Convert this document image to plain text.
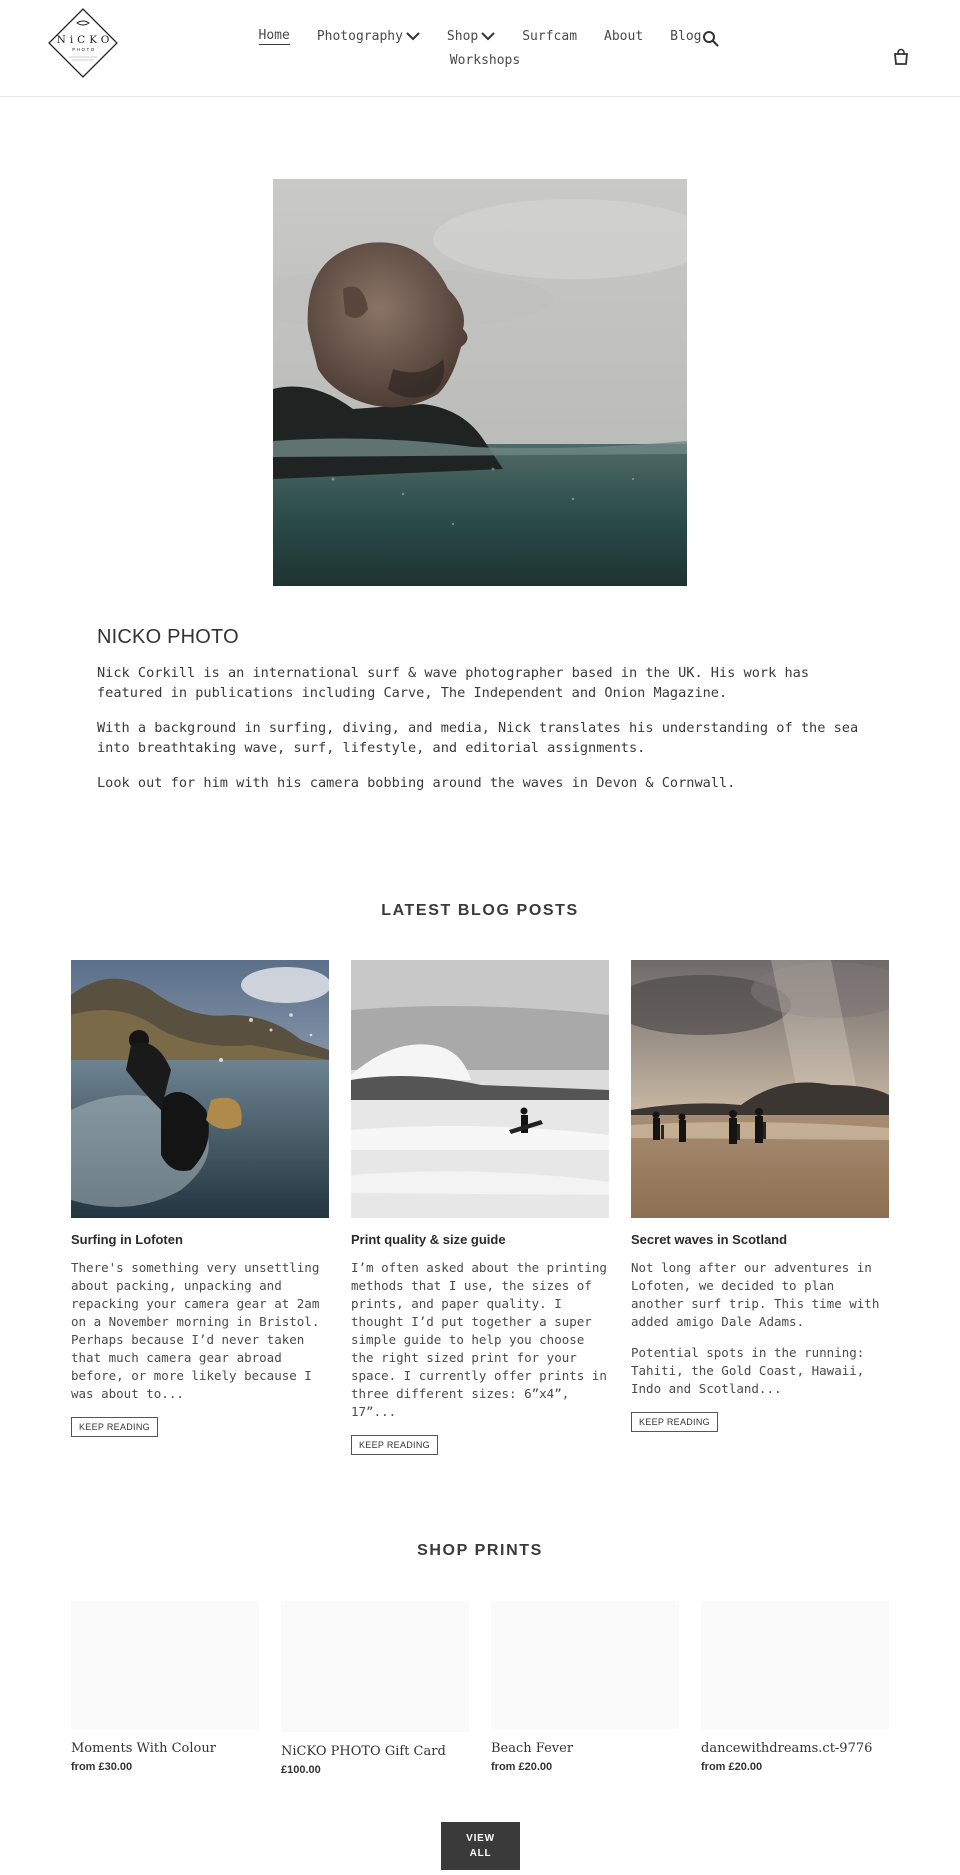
NiCKO
PHOTO
Home Photography	Shop	Surfcam About Blog
Workshops
NICKO PHOTO

Nick Corkill is an international surf & wave photographer based in the UK. His work has featured in publications including Carve, The Independent and Onion Magazine.

With a background in surfing, diving, and media, Nick translates his understanding of the sea into breathtaking wave, surf, lifestyle, and editorial assignments.

Look out for him with his camera bobbing around the waves in Devon & Cornwall.

LATEST BLOG POSTS
Surfing in Lofoten

There's something very unsettling about packing, unpacking and repacking your camera gear at 2am on a November morning in Bristol. Perhaps because I’d never taken that much camera gear abroad before, or more likely because I was about to...

KEEP READING
Print quality & size guide

I’m often asked about the printing methods that I use, the sizes of prints, and paper quality. I thought I’d put together a super simple guide to help you choose the right sized print for your space. I currently offer prints in three different sizes: 6”x4”, 17”...

KEEP READING
Secret waves in Scotland

Not long after our adventures in Lofoten, we decided to plan another surf trip. This time with added amigo Dale Adams.

Potential spots in the running: Tahiti, the Gold Coast, Hawaii, Indo and Scotland...

KEEP READING
SHOP PRINTS
Moments With Colour
from £30.00
NiCKO PHOTO Gift Card
£100.00
Beach Fever
from £20.00
dancewithdreams.ct-9776
from £20.00
VIEW
ALL
